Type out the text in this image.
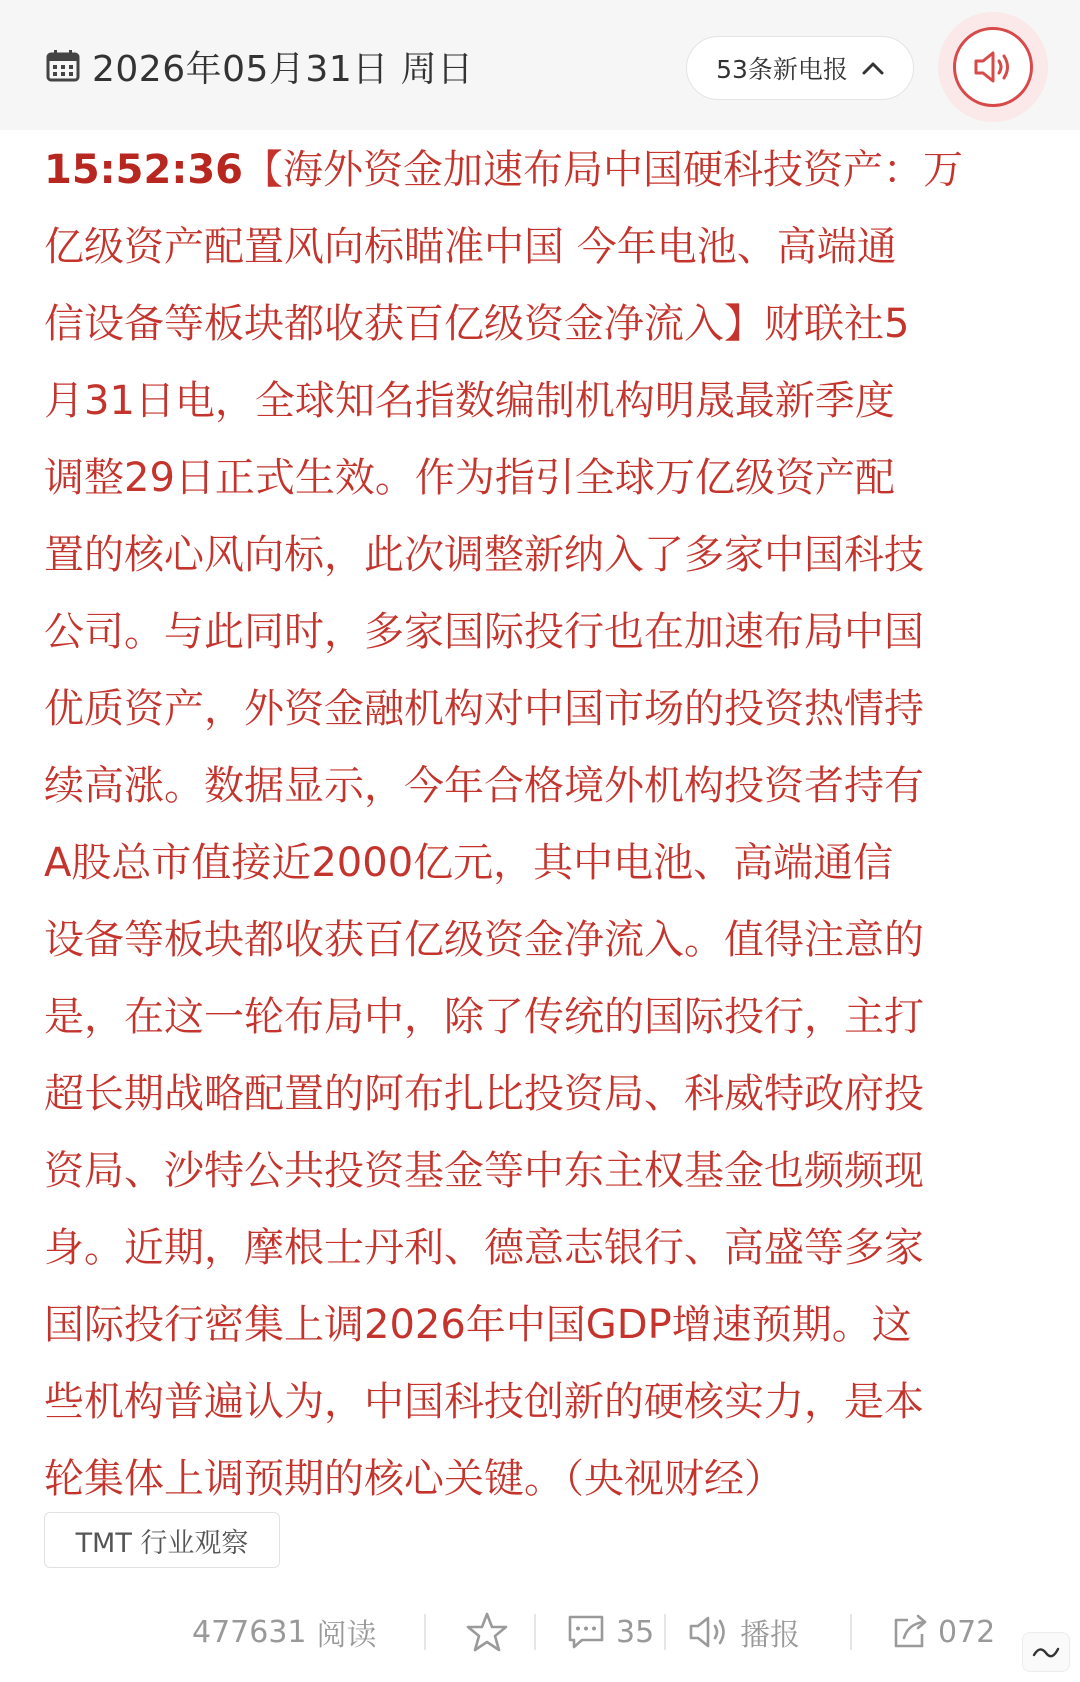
2026年05月31日 周日	53条新电报
15:52:36【海外资金加速布局中国硬科技资产：万
亿级资产配置风向标瞄准中国 今年电池、高端通
信设备等板块都收获百亿级资金净流入】财联社5
月31日电，全球知名指数编制机构明晟最新季度
调整29日正式生效。作为指引全球万亿级资产配
置的核心风向标，此次调整新纳入了多家中国科技
公司。与此同时，多家国际投行也在加速布局中国
优质资产，外资金融机构对中国市场的投资热情持
续高涨。数据显示，今年合格境外机构投资者持有
A股总市值接近2000亿元，其中电池、高端通信
设备等板块都收获百亿级资金净流入。值得注意的
是，在这一轮布局中，除了传统的国际投行，主打
超长期战略配置的阿布扎比投资局、科威特政府投
资局、沙特公共投资基金等中东主权基金也频频现
身。近期，摩根士丹利、德意志银行、高盛等多家
国际投行密集上调2026年中国GDP增速预期。这
些机构普遍认为，中国科技创新的硬核实力，是本
轮集体上调预期的核心关键。（央视财经）
TMT 行业观察
477631 阅读	35	播报	072
